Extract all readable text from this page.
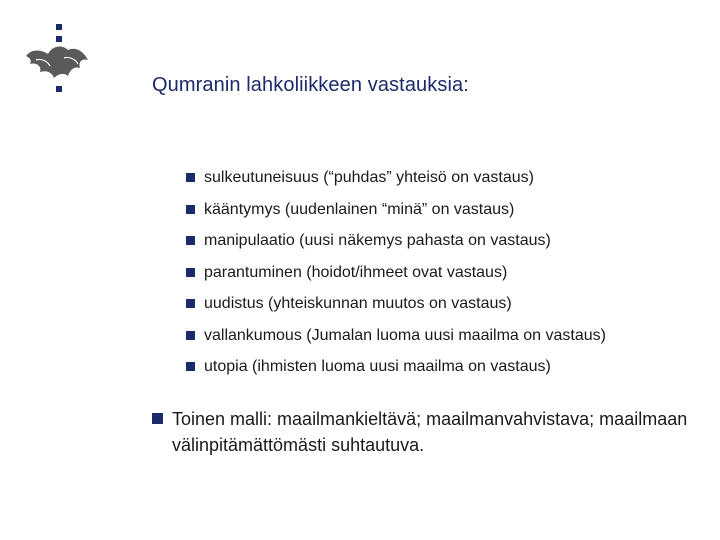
Qumranin lahkoliikkeen vastauksia:
sulkeutuneisuus (“puhdas” yhteisö on vastaus)
kääntymys (uudenlainen “minä” on vastaus)
manipulaatio (uusi näkemys pahasta on vastaus)
parantuminen (hoidot/ihmeet ovat vastaus)
uudistus (yhteiskunnan muutos on vastaus)
vallankumous (Jumalan luoma uusi maailma on vastaus)
utopia (ihmisten luoma uusi maailma on vastaus)
Toinen malli: maailmankieltävä; maailmanvahvistava; maailmaan välinpitämättömästi suhtautuva.
